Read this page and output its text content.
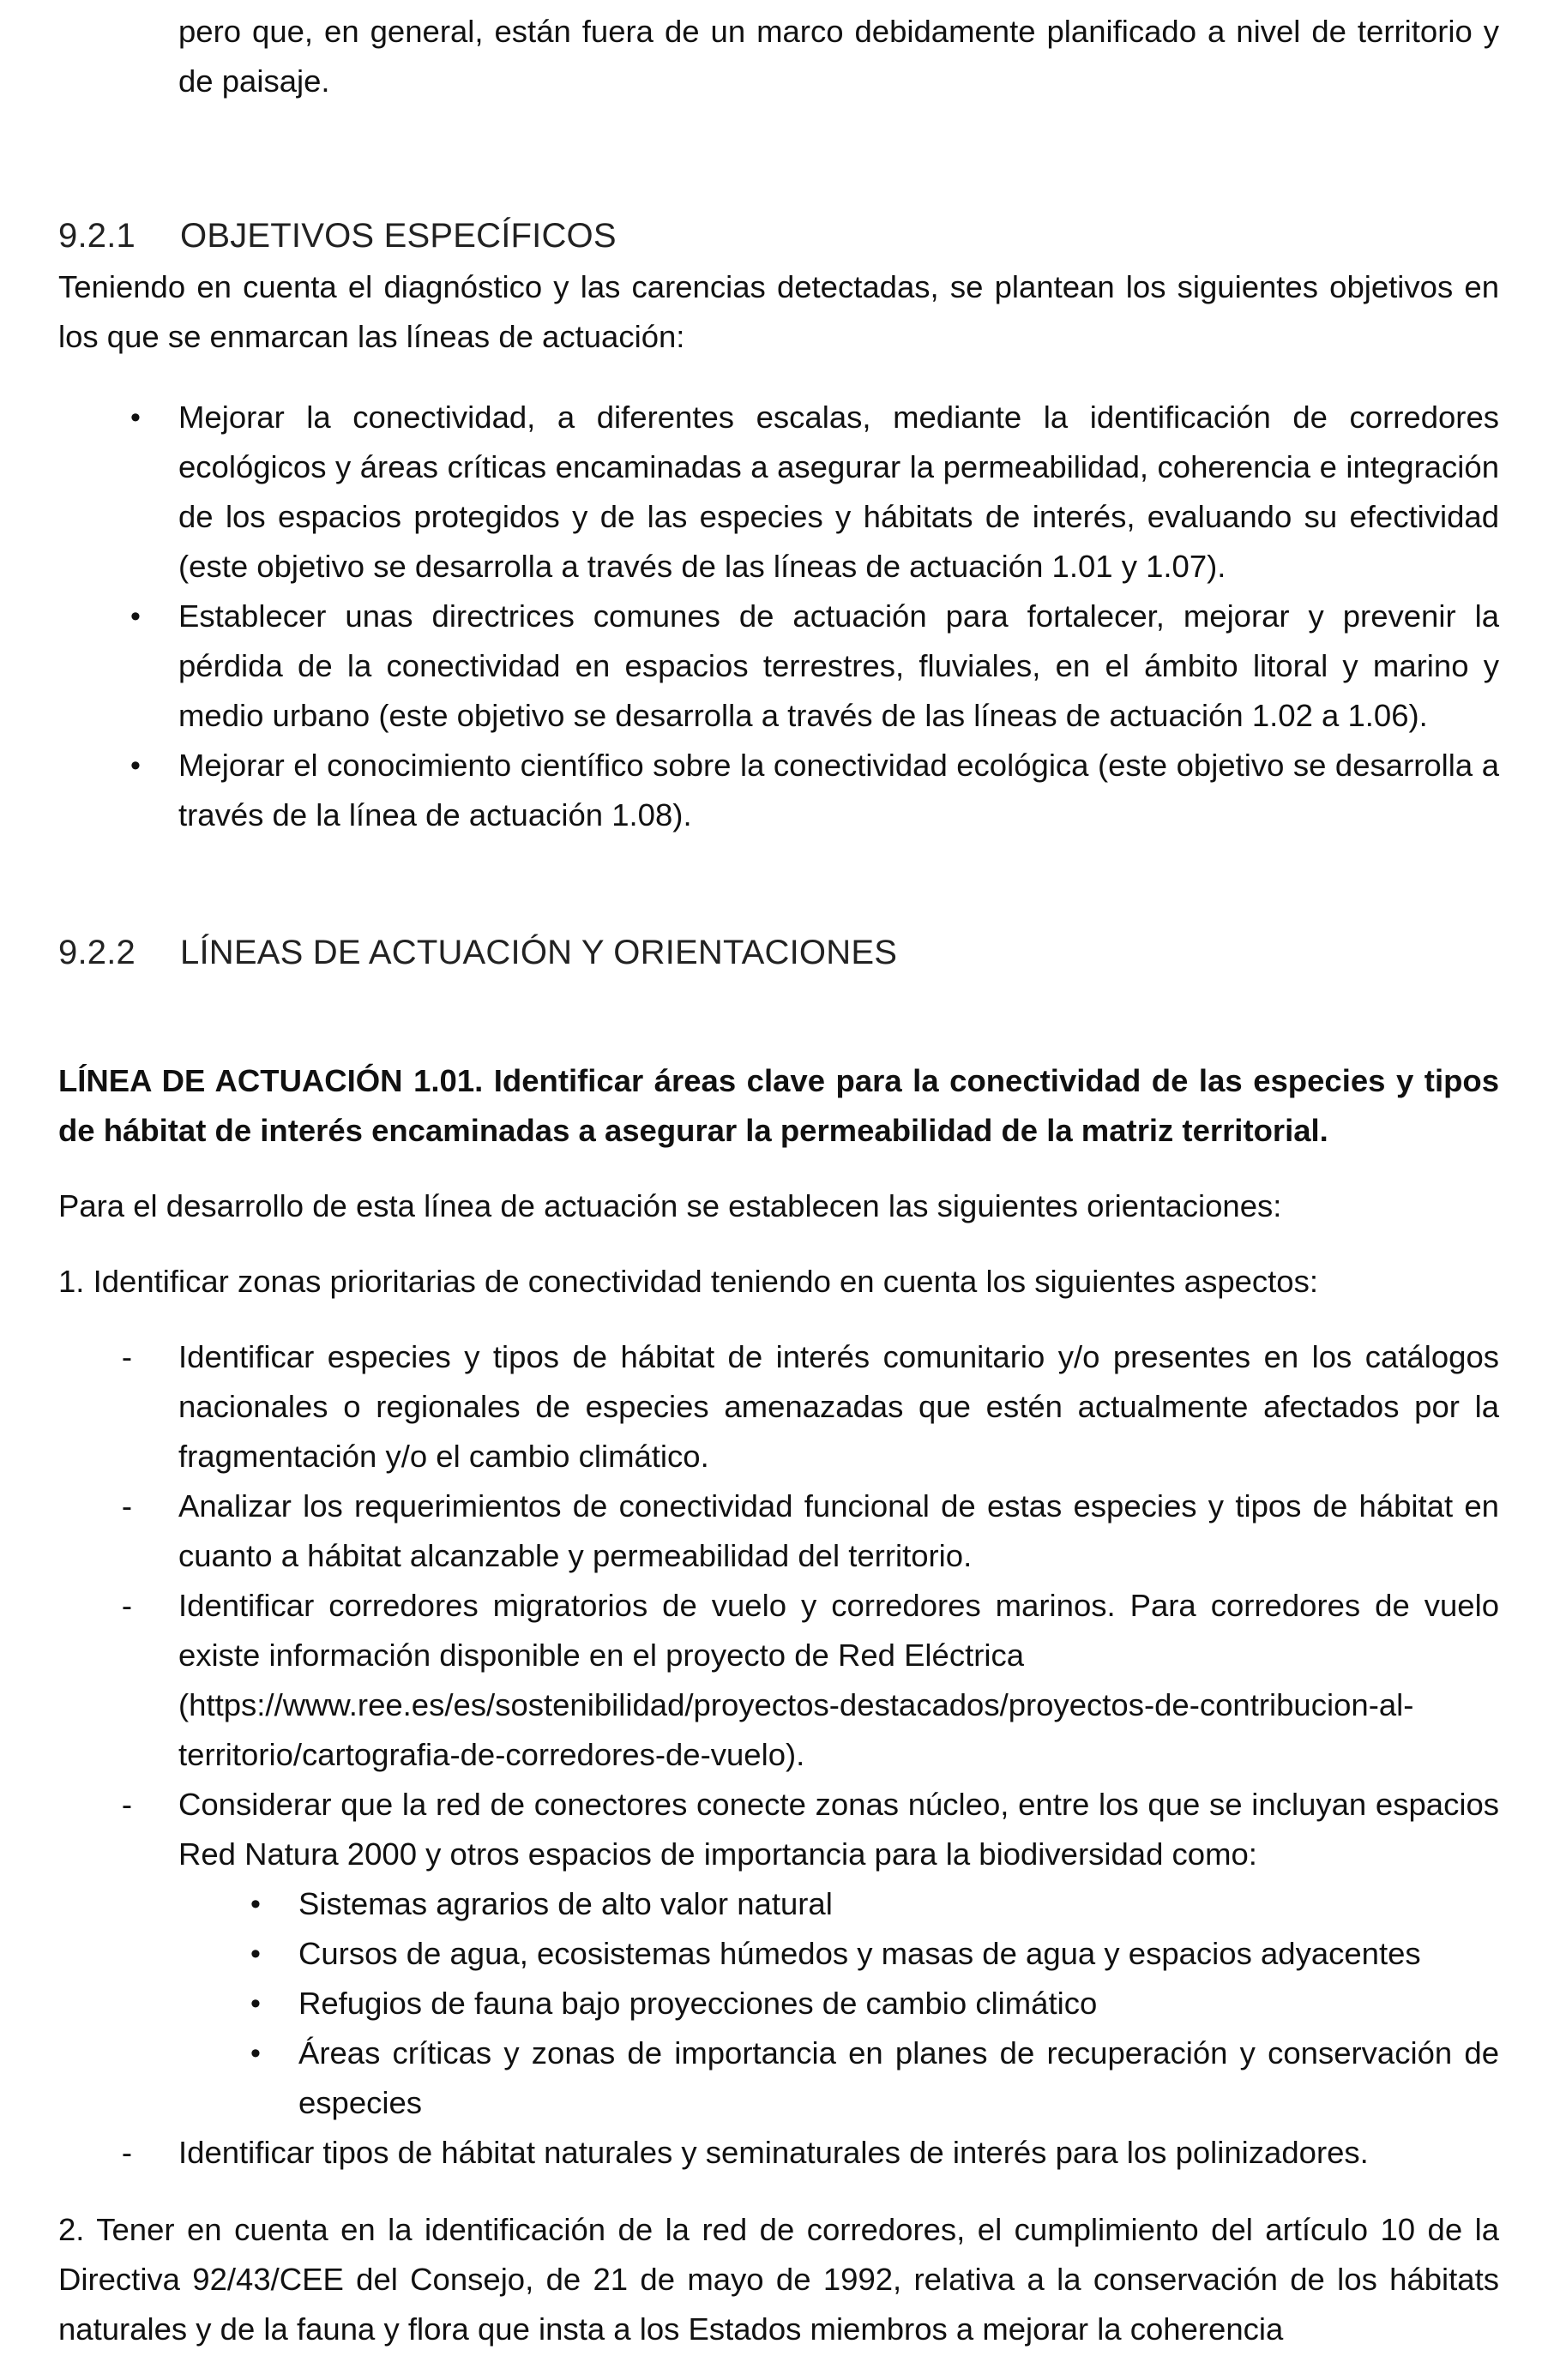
pero que, en general, están fuera de un marco debidamente planificado a nivel de territorio y de paisaje.

9.2.1 OBJETIVOS ESPECÍFICOS

Teniendo en cuenta el diagnóstico y las carencias detectadas, se plantean los siguientes objetivos en los que se enmarcan las líneas de actuación:

•	Mejorar la conectividad, a diferentes escalas, mediante la identificación de corredores ecológicos y áreas críticas encaminadas a asegurar la permeabilidad, coherencia e integración de los espacios protegidos y de las especies y hábitats de interés, evaluando su efectividad (este objetivo se desarrolla a través de las líneas de actuación 1.01 y 1.07).
•	Establecer unas directrices comunes de actuación para fortalecer, mejorar y prevenir la pérdida de la conectividad en espacios terrestres, fluviales, en el ámbito litoral y marino y medio urbano (este objetivo se desarrolla a través de las líneas de actuación 1.02 a 1.06).
•	Mejorar el conocimiento científico sobre la conectividad ecológica (este objetivo se desarrolla a través de la línea de actuación 1.08).
9.2.2 LÍNEAS DE ACTUACIÓN Y ORIENTACIONES

LÍNEA DE ACTUACIÓN 1.01. Identificar áreas clave para la conectividad de las especies y tipos de hábitat de interés encaminadas a asegurar la permeabilidad de la matriz territorial.

Para el desarrollo de esta línea de actuación se establecen las siguientes orientaciones:

1. Identificar zonas prioritarias de conectividad teniendo en cuenta los siguientes aspectos:

-	Identificar especies y tipos de hábitat de interés comunitario y/o presentes en los catálogos nacionales o regionales de especies amenazadas que estén actualmente afectados por la fragmentación y/o el cambio climático.
-	Analizar los requerimientos de conectividad funcional de estas especies y tipos de hábitat en cuanto a hábitat alcanzable y permeabilidad del territorio.
-	Identificar corredores migratorios de vuelo y corredores marinos. Para corredores de vuelo existe información disponible en el proyecto de Red Eléctrica
(https://www.ree.es/es/sostenibilidad/proyectos-destacados/proyectos-de-contribucion-al-territorio/cartografia-de-corredores-de-vuelo).
-	Considerar que la red de conectores conecte zonas núcleo, entre los que se incluyan espacios Red Natura 2000 y otros espacios de importancia para la biodiversidad como:
•	Sistemas agrarios de alto valor natural
•	Cursos de agua, ecosistemas húmedos y masas de agua y espacios adyacentes
•	Refugios de fauna bajo proyecciones de cambio climático
•	Áreas críticas y zonas de importancia en planes de recuperación y conservación de especies
-	Identificar tipos de hábitat naturales y seminaturales de interés para los polinizadores.

2. Tener en cuenta en la identificación de la red de corredores, el cumplimiento del artículo 10 de la Directiva 92/43/CEE del Consejo, de 21 de mayo de 1992, relativa a la conservación de los hábitats naturales y de la fauna y flora que insta a los Estados miembros a mejorar la coherencia
